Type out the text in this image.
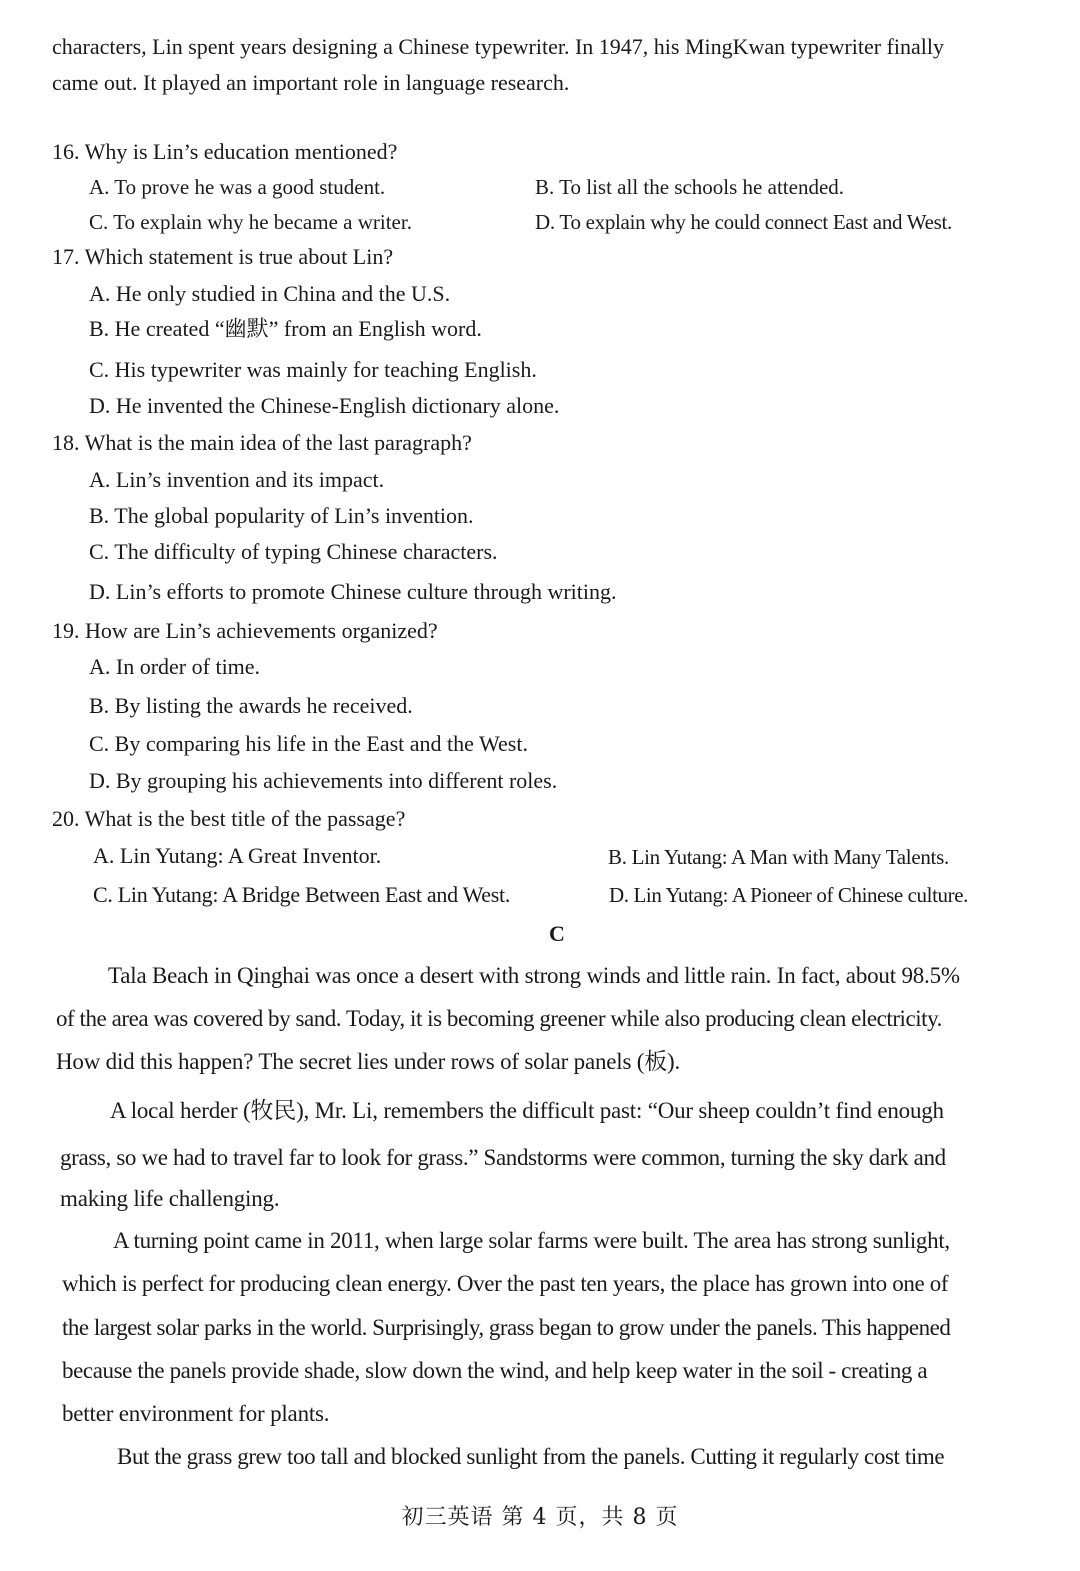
characters, Lin spent years designing a Chinese typewriter. In 1947, his MingKwan typewriter finally
came out. It played an important role in language research.
16. Why is Lin’s education mentioned?
A. To prove he was a good student.	B. To list all the schools he attended.
C. To explain why he became a writer.	D. To explain why he could connect East and West.
17. Which statement is true about Lin?
A. He only studied in China and the U.S.
B. He created “幽默” from an English word.
C. His typewriter was mainly for teaching English.
D. He invented the Chinese-English dictionary alone.
18. What is the main idea of the last paragraph?
A. Lin’s invention and its impact.
B. The global popularity of Lin’s invention.
C. The difficulty of typing Chinese characters.
D. Lin’s efforts to promote Chinese culture through writing.
19. How are Lin’s achievements organized?
A. In order of time.
B. By listing the awards he received.
C. By comparing his life in the East and the West.
D. By grouping his achievements into different roles.
20. What is the best title of the passage?
A. Lin Yutang: A Great Inventor.	B. Lin Yutang: A Man with Many Talents.
C. Lin Yutang: A Bridge Between East and West.	D. Lin Yutang: A Pioneer of Chinese culture.
C
Tala Beach in Qinghai was once a desert with strong winds and little rain. In fact, about 98.5%
of the area was covered by sand. Today, it is becoming greener while also producing clean electricity.
How did this happen? The secret lies under rows of solar panels (板).
A local herder (牧民), Mr. Li, remembers the difficult past: “Our sheep couldn’t find enough
grass, so we had to travel far to look for grass.” Sandstorms were common, turning the sky dark and
making life challenging.
A turning point came in 2011, when large solar farms were built. The area has strong sunlight,
which is perfect for producing clean energy. Over the past ten years, the place has grown into one of
the largest solar parks in the world. Surprisingly, grass began to grow under the panels. This happened
because the panels provide shade, slow down the wind, and help keep water in the soil - creating a
better environment for plants.
But the grass grew too tall and blocked sunlight from the panels. Cutting it regularly cost time
初三英语 第 4 页，共 8 页
